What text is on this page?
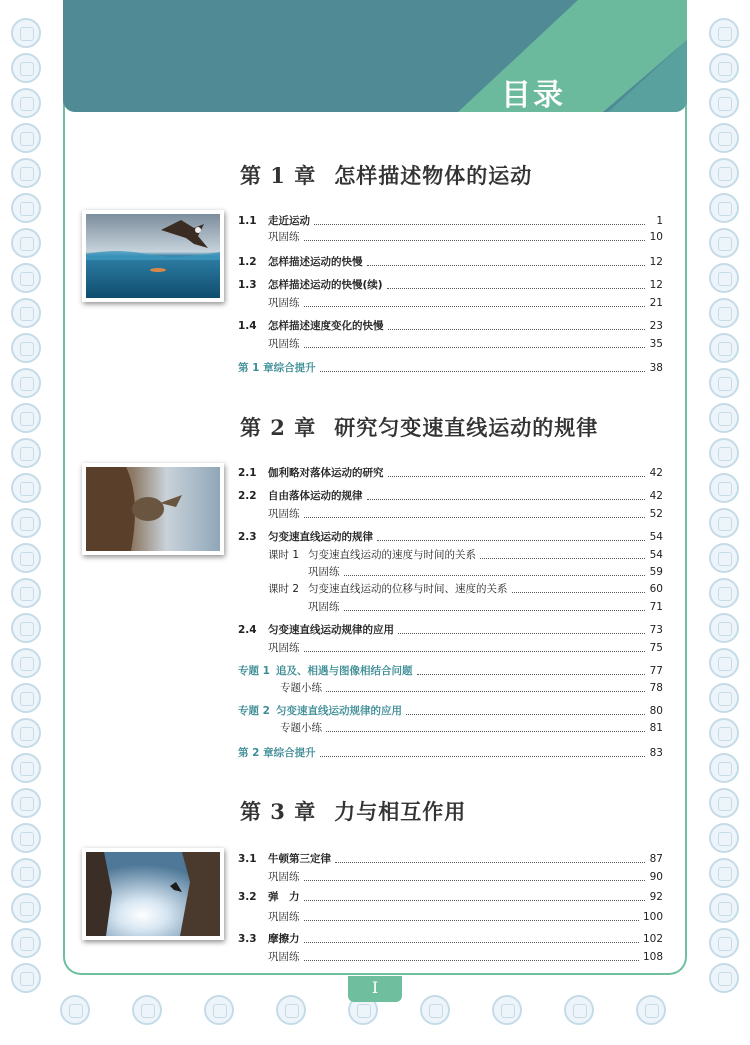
目录
第 1 章 怎样描述物体的运动
第 2 章 研究匀变速直线运动的规律
第 3 章 力与相互作用
1.1	走近运动	1
巩固练	10
1.2	怎样描述运动的快慢	12
1.3	怎样描述运动的快慢(续)	12
巩固练	21
1.4	怎样描述速度变化的快慢	23
巩固练	35
第 1 章综合提升	38
2.1	伽利略对落体运动的研究	42
2.2	自由落体运动的规律	42
巩固练	52
2.3	匀变速直线运动的规律	54
课时 1 匀变速直线运动的速度与时间的关系	54
巩固练	59
课时 2 匀变速直线运动的位移与时间、速度的关系	60
巩固练	71
2.4	匀变速直线运动规律的应用	73
巩固练	75
专题 1 追及、相遇与图像相结合问题	77
专题小练	78
专题 2 匀变速直线运动规律的应用	80
专题小练	81
第 2 章综合提升	83
3.1	牛顿第三定律	87
巩固练	90
3.2	弹　力	92
巩固练	100
3.3	摩擦力	102
巩固练	108
I
